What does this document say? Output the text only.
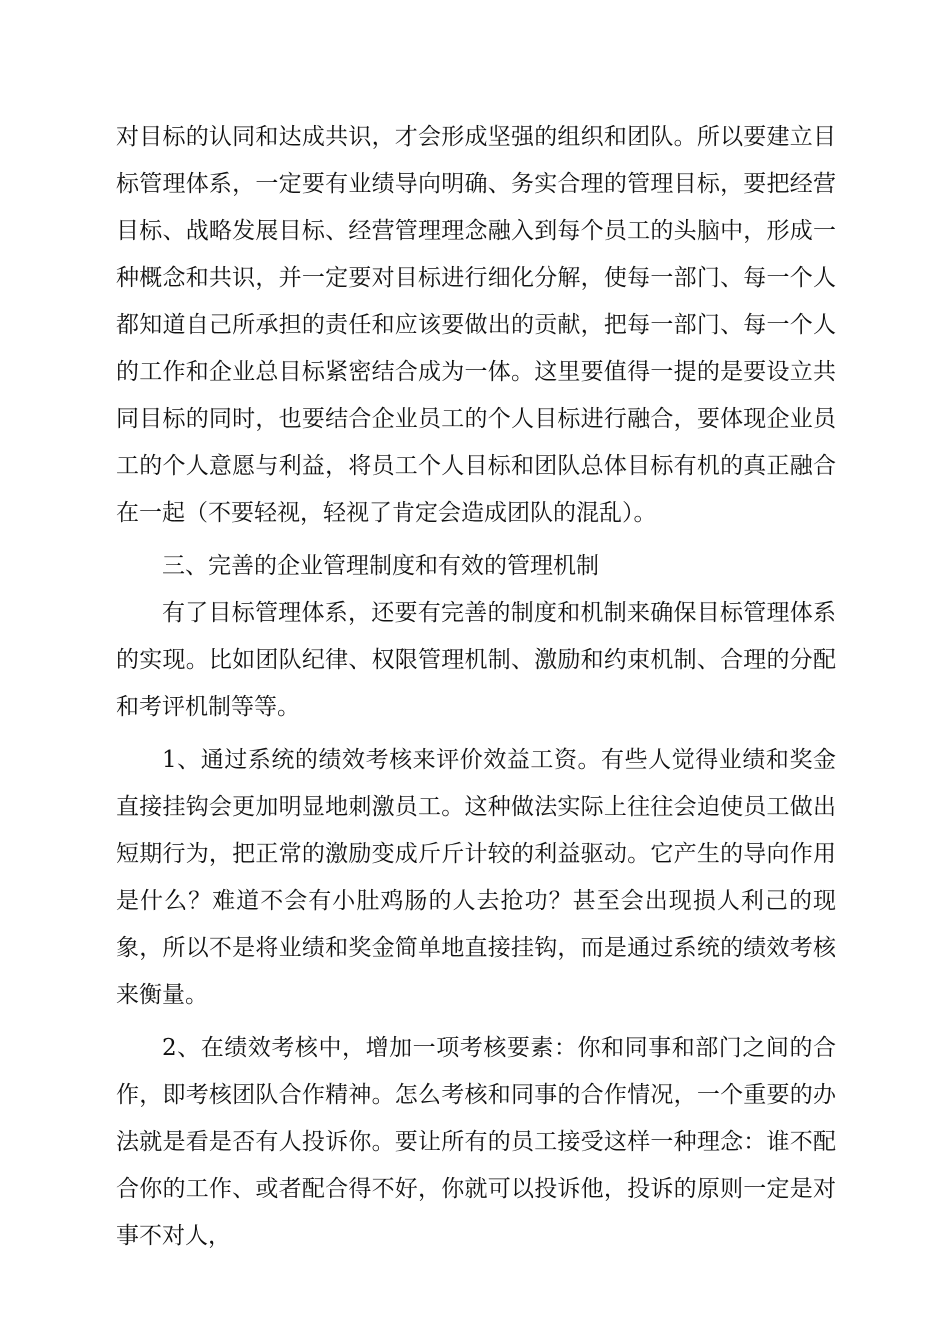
对目标的认同和达成共识，才会形成坚强的组织和团队。所以要建立目标管理体系，一定要有业绩导向明确、务实合理的管理目标，要把经营目标、战略发展目标、经营管理理念融入到每个员工的头脑中，形成一种概念和共识，并一定要对目标进行细化分解，使每一部门、每一个人都知道自己所承担的责任和应该要做出的贡献，把每一部门、每一个人的工作和企业总目标紧密结合成为一体。这里要值得一提的是要设立共同目标的同时，也要结合企业员工的个人目标进行融合，要体现企业员工的个人意愿与利益，将员工个人目标和团队总体目标有机的真正融合在一起（不要轻视，轻视了肯定会造成团队的混乱）。

三、完善的企业管理制度和有效的管理机制

有了目标管理体系，还要有完善的制度和机制来确保目标管理体系的实现。比如团队纪律、权限管理机制、激励和约束机制、合理的分配和考评机制等等。

1、通过系统的绩效考核来评价效益工资。有些人觉得业绩和奖金直接挂钩会更加明显地刺激员工。这种做法实际上往往会迫使员工做出短期行为，把正常的激励变成斤斤计较的利益驱动。它产生的导向作用是什么？难道不会有小肚鸡肠的人去抢功？甚至会出现损人利己的现象，所以不是将业绩和奖金简单地直接挂钩，而是通过系统的绩效考核来衡量。

2、在绩效考核中，增加一项考核要素：你和同事和部门之间的合作，即考核团队合作精神。怎么考核和同事的合作情况，一个重要的办法就是看是否有人投诉你。要让所有的员工接受这样一种理念：谁不配合你的工作、或者配合得不好，你就可以投诉他，投诉的原则一定是对事不对人，
